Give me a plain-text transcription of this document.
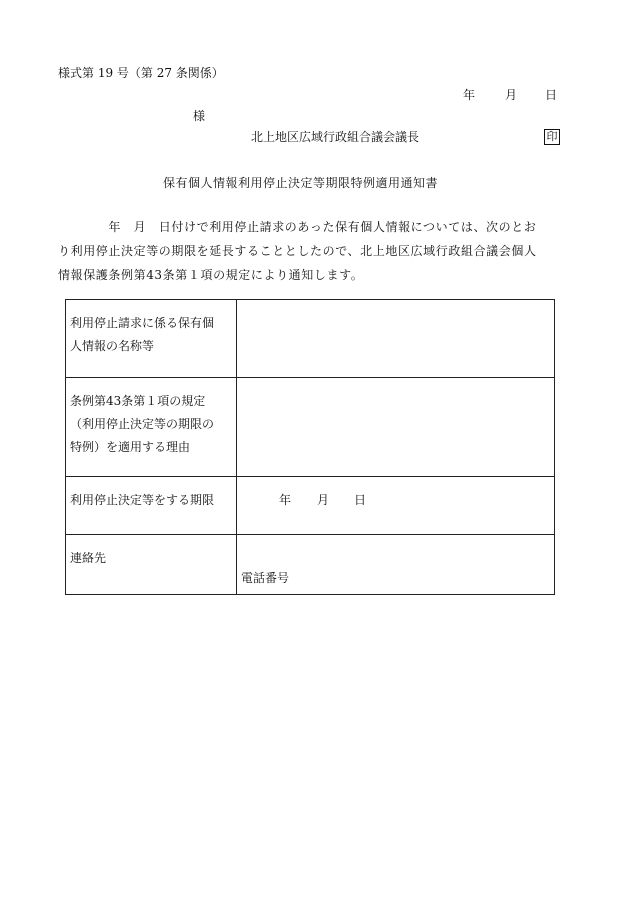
様式第 19 号（第 27 条関係）
年 月 日
様
北上地区広域行政組合議会議長	印
保有個人情報利用停止決定等期限特例適用通知書

　　　　年　月　日付けで利用停止請求のあった保有個人情報については、次のとお

り利用停止決定等の期限を延長することとしたので、北上地区広域行政組合議会個人

情報保護条例第43条第１項の規定により通知します。

利用停止請求に係る保有個
人情報の名称等	

条例第43条第１項の規定
（利用停止決定等の期限の
特例）を適用する理由	

利用停止決定等をする期限	年 月 日

連絡先	電話番号
